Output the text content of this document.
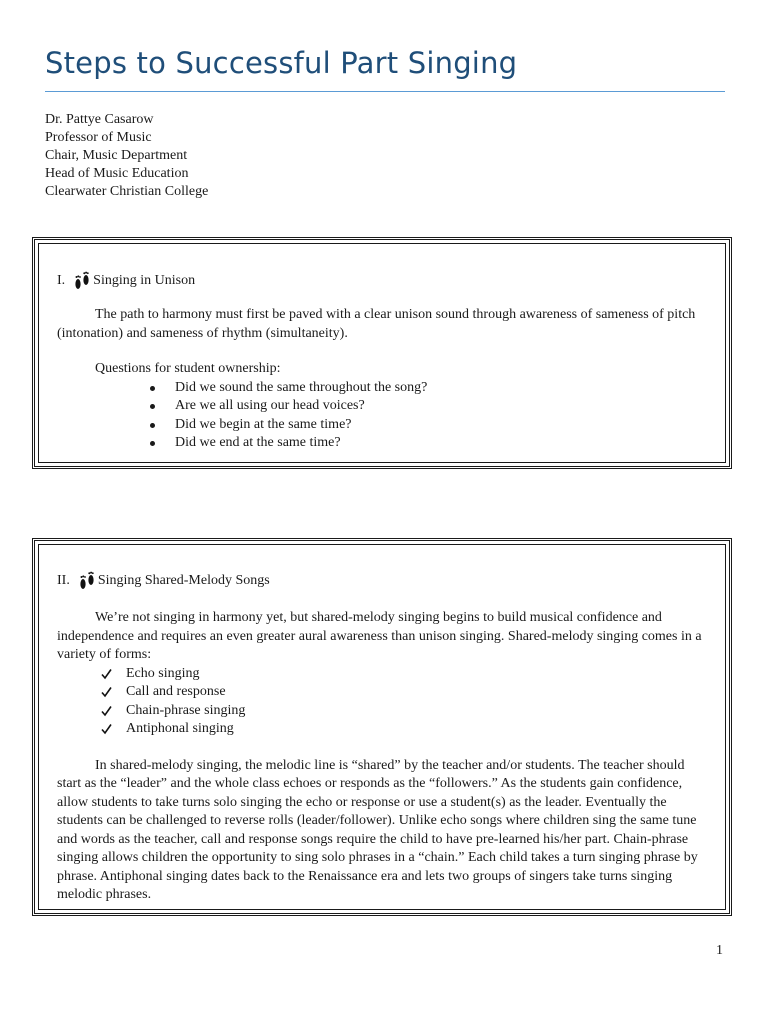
Steps to Successful Part Singing
Dr. Pattye Casarow
Professor of Music
Chair, Music Department
Head of Music Education
Clearwater Christian College
I. Singing in Unison

The path to harmony must first be paved with a clear unison sound through awareness of sameness of pitch (intonation) and sameness of rhythm (simultaneity).

Questions for student ownership:

Did we sound the same throughout the song?
Are we all using our head voices?
Did we begin at the same time?
Did we end at the same time?
II. Singing Shared-Melody Songs

We’re not singing in harmony yet, but shared-melody singing begins to build musical confidence and independence and requires an even greater aural awareness than unison singing. Shared-melody singing comes in a variety of forms:

Echo singing
Call and response
Chain-phrase singing
Antiphonal singing

In shared-melody singing, the melodic line is “shared” by the teacher and/or students. The teacher should start as the “leader” and the whole class echoes or responds as the “followers.” As the students gain confidence, allow students to take turns solo singing the echo or response or use a student(s) as the leader. Eventually the students can be challenged to reverse rolls (leader/follower). Unlike echo songs where children sing the same tune and words as the teacher, call and response songs require the child to have pre-learned his/her part. Chain-phrase singing allows children the opportunity to sing solo phrases in a “chain.” Each child takes a turn singing phrase by phrase. Antiphonal singing dates back to the Renaissance era and lets two groups of singers take turns singing melodic phrases.

1
